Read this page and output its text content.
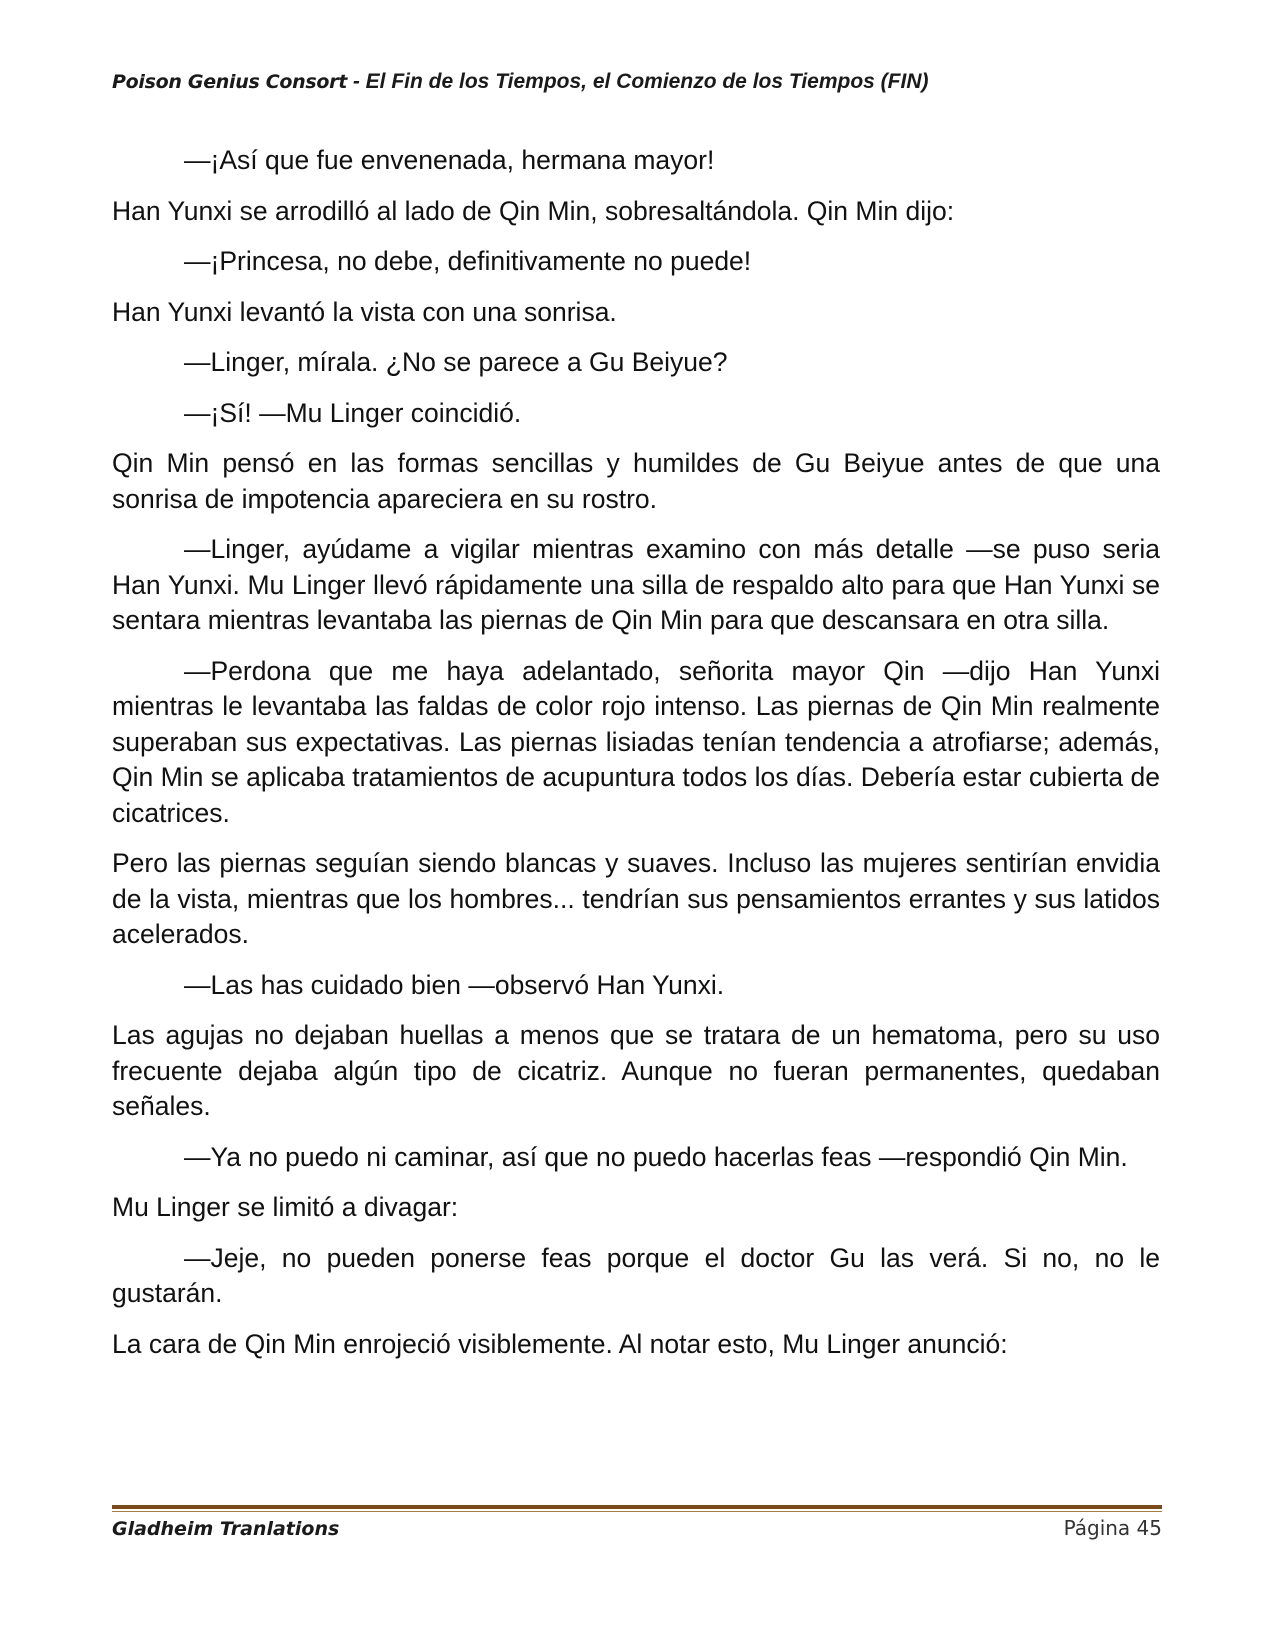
Poison Genius Consort - El Fin de los Tiempos, el Comienzo de los Tiempos (FIN)

—¡Así que fue envenenada, hermana mayor!

Han Yunxi se arrodilló al lado de Qin Min, sobresaltándola. Qin Min dijo:

—¡Princesa, no debe, definitivamente no puede!

Han Yunxi levantó la vista con una sonrisa.

—Linger, mírala. ¿No se parece a Gu Beiyue?

—¡Sí! —Mu Linger coincidió.

Qin Min pensó en las formas sencillas y humildes de Gu Beiyue antes de que una sonrisa de impotencia apareciera en su rostro.

—Linger, ayúdame a vigilar mientras examino con más detalle —se puso seria Han Yunxi. Mu Linger llevó rápidamente una silla de respaldo alto para que Han Yunxi se sentara mientras levantaba las piernas de Qin Min para que descansara en otra silla.

—Perdona que me haya adelantado, señorita mayor Qin —dijo Han Yunxi mientras le levantaba las faldas de color rojo intenso. Las piernas de Qin Min realmente superaban sus expectativas. Las piernas lisiadas tenían tendencia a atrofiarse; además, Qin Min se aplicaba tratamientos de acupuntura todos los días. Debería estar cubierta de cicatrices.

Pero las piernas seguían siendo blancas y suaves. Incluso las mujeres sentirían envidia de la vista, mientras que los hombres... tendrían sus pensamientos errantes y sus latidos acelerados.

—Las has cuidado bien —observó Han Yunxi.

Las agujas no dejaban huellas a menos que se tratara de un hematoma, pero su uso frecuente dejaba algún tipo de cicatriz. Aunque no fueran permanentes, quedaban señales.

—Ya no puedo ni caminar, así que no puedo hacerlas feas —respondió Qin Min.

Mu Linger se limitó a divagar:

—Jeje, no pueden ponerse feas porque el doctor Gu las verá. Si no, no le gustarán.

La cara de Qin Min enrojeció visiblemente. Al notar esto, Mu Linger anunció:

Gladheim Tranlations	Página 45
